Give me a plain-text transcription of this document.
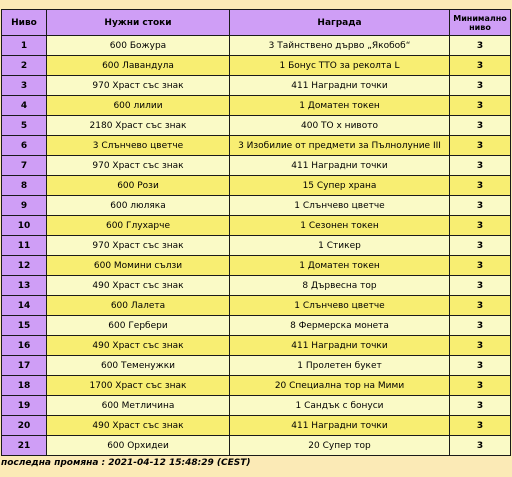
Ниво	Нужни стоки	Награда	Минимално
ниво
1	600 Божура	3 Тайнствено дърво „Якобоб“	3
2	600 Лавандула	1 Бонус ТТО за реколта L	3
3	970 Храст със знак	411 Наградни точки	3
4	600 лилии	1 Доматен токен	3
5	2180 Храст със знак	400 ТО х нивото	3
6	3 Слънчево цветче	3 Изобилие от предмети за Пълнолуние III	3
7	970 Храст със знак	411 Наградни точки	3
8	600 Рози	15 Супер храна	3
9	600 люляка	1 Слънчево цветче	3
10	600 Глухарче	1 Сезонен токен	3
11	970 Храст със знак	1 Стикер	3
12	600 Момини сълзи	1 Доматен токен	3
13	490 Храст със знак	8 Дървесна тор	3
14	600 Лалета	1 Слънчево цветче	3
15	600 Гербери	8 Фермерска монета	3
16	490 Храст със знак	411 Наградни точки	3
17	600 Теменужки	1 Пролетен букет	3
18	1700 Храст със знак	20 Специална тор на Мими	3
19	600 Метличина	1 Сандък с бонуси	3
20	490 Храст със знак	411 Наградни точки	3
21	600 Орхидеи	20 Супер тор	3
последна промяна : 2021-04-12 15:48:29 (CEST)
